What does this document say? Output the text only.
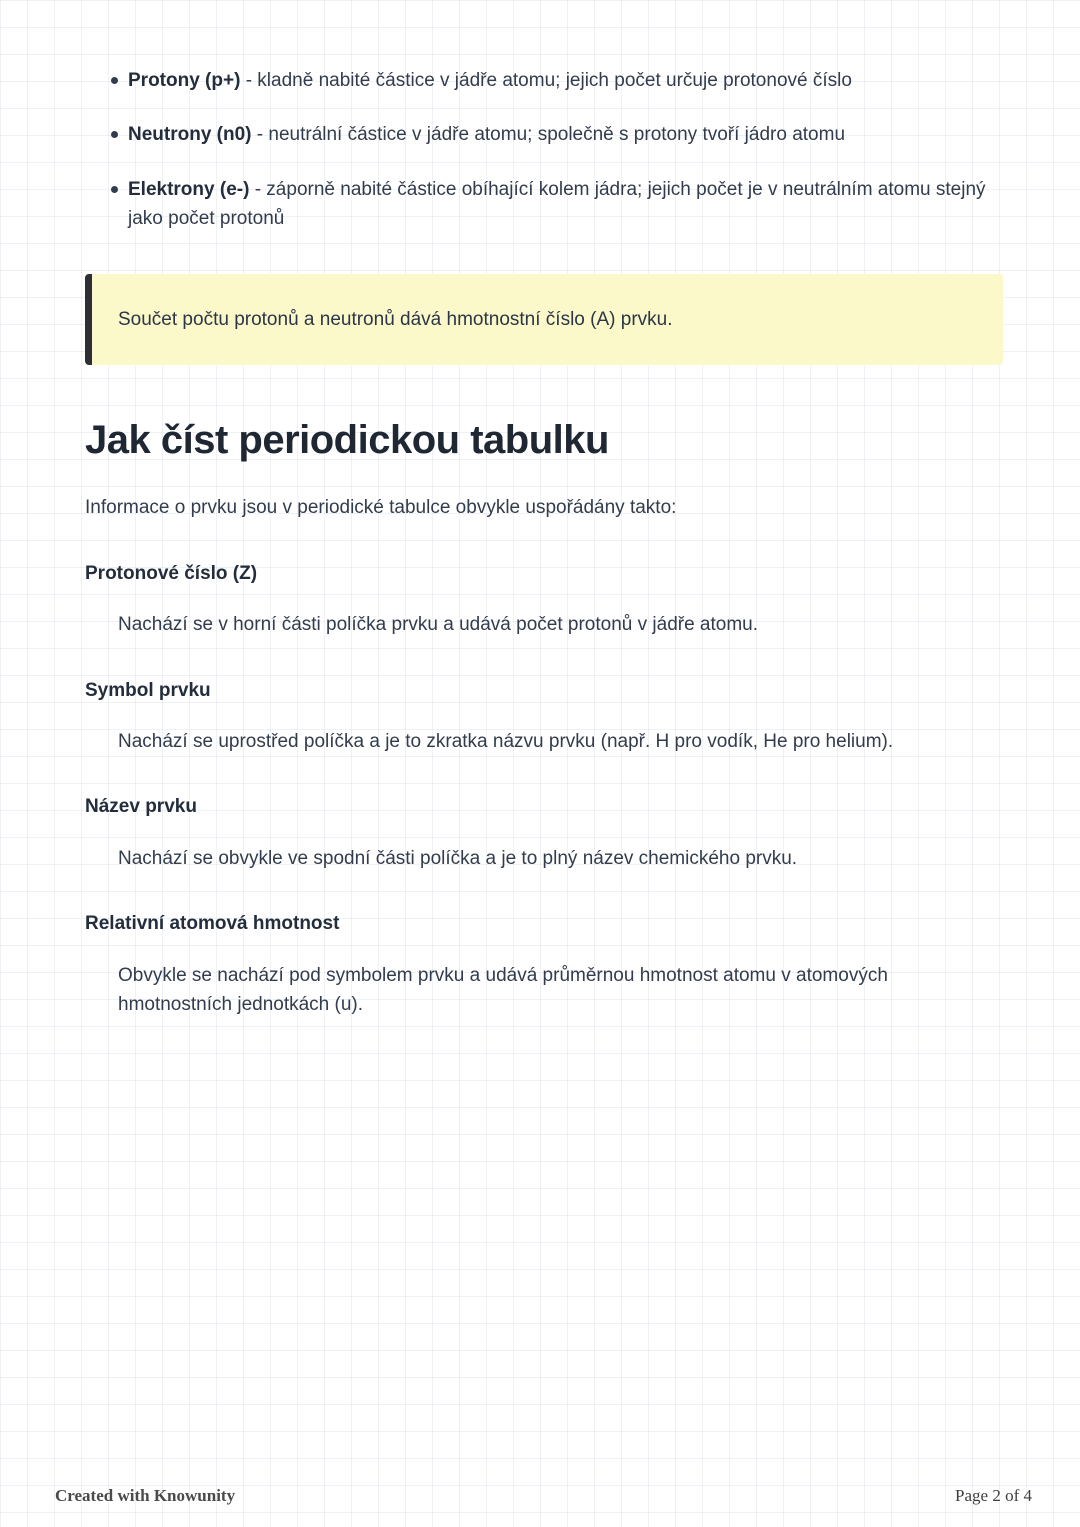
Protony (p+) - kladně nabité částice v jádře atomu; jejich počet určuje protonové číslo
Neutrony (n0) - neutrální částice v jádře atomu; společně s protony tvoří jádro atomu
Elektrony (e-) - záporně nabité částice obíhající kolem jádra; jejich počet je v neutrálním atomu stejný jako počet protonů

Součet počtu protonů a neutronů dává hmotnostní číslo (A) prvku.

Jak číst periodickou tabulku

Informace o prvku jsou v periodické tabulce obvykle uspořádány takto:

Protonové číslo (Z)

Nachází se v horní části políčka prvku a udává počet protonů v jádře atomu.

Symbol prvku

Nachází se uprostřed políčka a je to zkratka názvu prvku (např. H pro vodík, He pro helium).

Název prvku

Nachází se obvykle ve spodní části políčka a je to plný název chemického prvku.

Relativní atomová hmotnost

Obvykle se nachází pod symbolem prvku a udává průměrnou hmotnost atomu v atomových hmotnostních jednotkách (u).

Created with Knowunity	Page 2 of 4
